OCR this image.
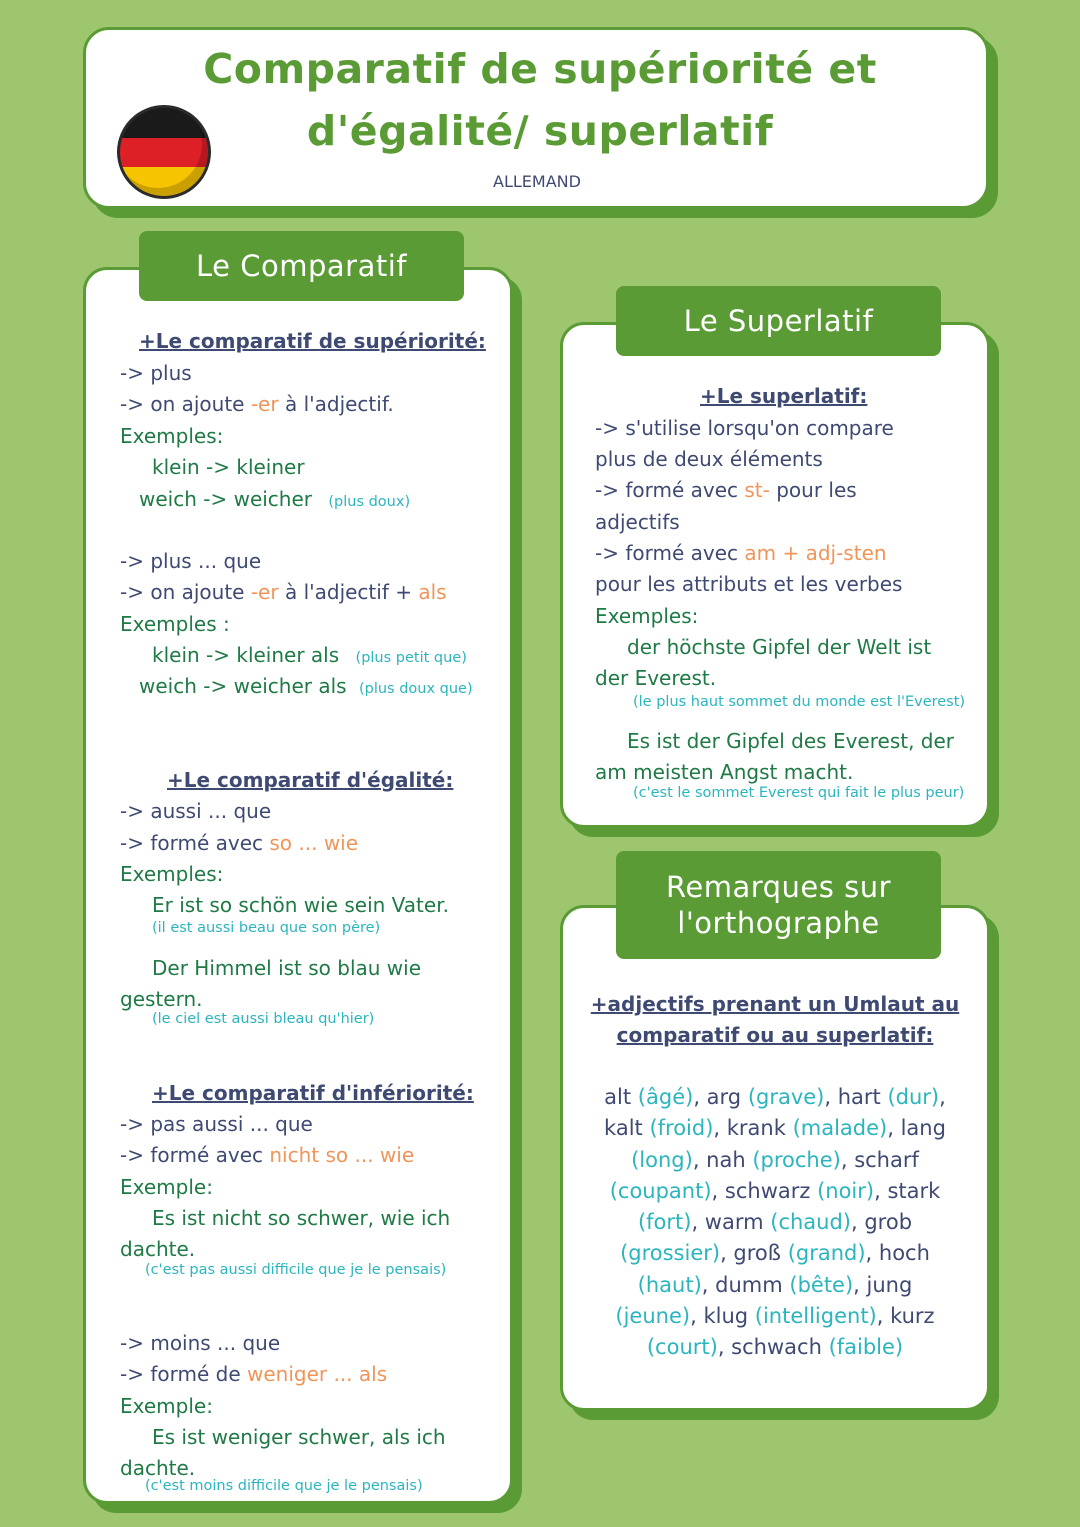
Comparatif de supériorité et
d'égalité/ superlatif
ALLEMAND
Le Comparatif
+Le comparatif de supériorité:
-> plus
-> on ajoute -er à l'adjectif.
Exemples:
klein -> kleiner
weich -> weicher (plus doux)
-> plus ... que
-> on ajoute -er à l'adjectif + als
Exemples :
klein -> kleiner als (plus petit que)
weich -> weicher als (plus doux que)
+Le comparatif d'égalité:
-> aussi ... que
-> formé avec so ... wie
Exemples:
Er ist so schön wie sein Vater.
(il est aussi beau que son père)
Der Himmel ist so blau wie
gestern.
(le ciel est aussi bleau qu'hier)
+Le comparatif d'infériorité:
-> pas aussi ... que
-> formé avec nicht so ... wie
Exemple:
Es ist nicht so schwer, wie ich
dachte.
(c'est pas aussi difficile que je le pensais)
-> moins ... que
-> formé de weniger ... als
Exemple:
Es ist weniger schwer, als ich
dachte.
(c'est moins difficile que je le pensais)
Le Superlatif
+Le superlatif:
-> s'utilise lorsqu'on compare
plus de deux éléments
-> formé avec st- pour les
adjectifs
-> formé avec am + adj-sten
pour les attributs et les verbes
Exemples:
der höchste Gipfel der Welt ist
der Everest.
(le plus haut sommet du monde est l'Everest)
Es ist der Gipfel des Everest, der
am meisten Angst macht.
(c'est le sommet Everest qui fait le plus peur)
Remarques sur
l'orthographe
+adjectifs prenant un Umlaut au
comparatif ou au superlatif:
alt (âgé), arg (grave), hart (dur),
kalt (froid), krank (malade), lang
(long), nah (proche), scharf
(coupant), schwarz (noir), stark
(fort), warm (chaud), grob
(grossier), groß (grand), hoch
(haut), dumm (bête), jung
(jeune), klug (intelligent), kurz
(court), schwach (faible)
